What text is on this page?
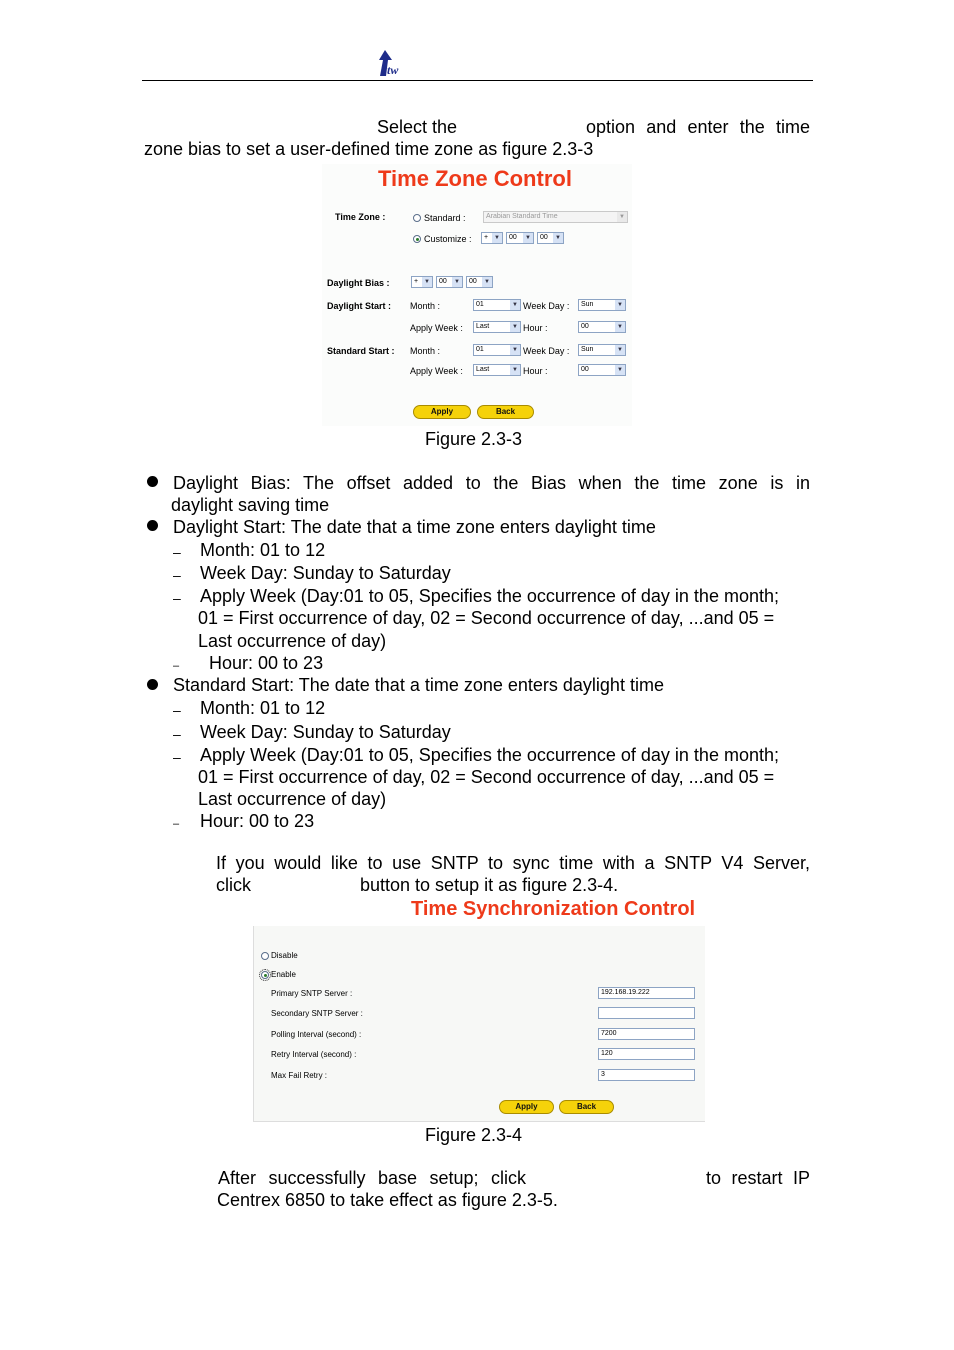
tw
Select the	option and enter the time
zone bias to set a user-defined time zone as figure 2.3-3
Time Zone Control
Time Zone :	Standard :	Arabian Standard Time	▼
Customize :	+ ▼	00	▼	00	▼
Daylight Bias :	+ ▼	00	▼	00	▼
Daylight Start : Month :	01	▼ Week Day :	Sun	▼
Apply Week :	Last	▼ Hour :	00	▼
Standard Start : Month :	01	▼ Week Day :	Sun	▼
Apply Week :	Last	▼ Hour :	00	▼
Apply	Back
Figure 2.3-3
Daylight Bias: The offset added to the Bias when the time zone is in
daylight saving time
Daylight Start: The date that a time zone enters daylight time
– Month: 01 to 12
– Week Day: Sunday to Saturday
– Apply Week (Day:01 to 05, Specifies the occurrence of day in the month;
01 = First occurrence of day, 02 = Second occurrence of day, ...and 05 =
Last occurrence of day)
– Hour: 00 to 23
Standard Start: The date that a time zone enters daylight time
– Month: 01 to 12
– Week Day: Sunday to Saturday
– Apply Week (Day:01 to 05, Specifies the occurrence of day in the month;
01 = First occurrence of day, 02 = Second occurrence of day, ...and 05 =
Last occurrence of day)
– Hour: 00 to 23
If you would like to use SNTP to sync time with a SNTP V4 Server,
click	button to setup it as figure 2.3-4.
Time Synchronization Control
Disable
Enable
Primary SNTP Server :	192.168.19.222
Secondary SNTP Server :
Polling Interval (second) :	7200
Retry Interval (second) :	120
Max Fail Retry :	3
Apply	Back
Figure 2.3-4
After successfully base setup; click	to restart IP
Centrex 6850 to take effect as figure 2.3-5.
